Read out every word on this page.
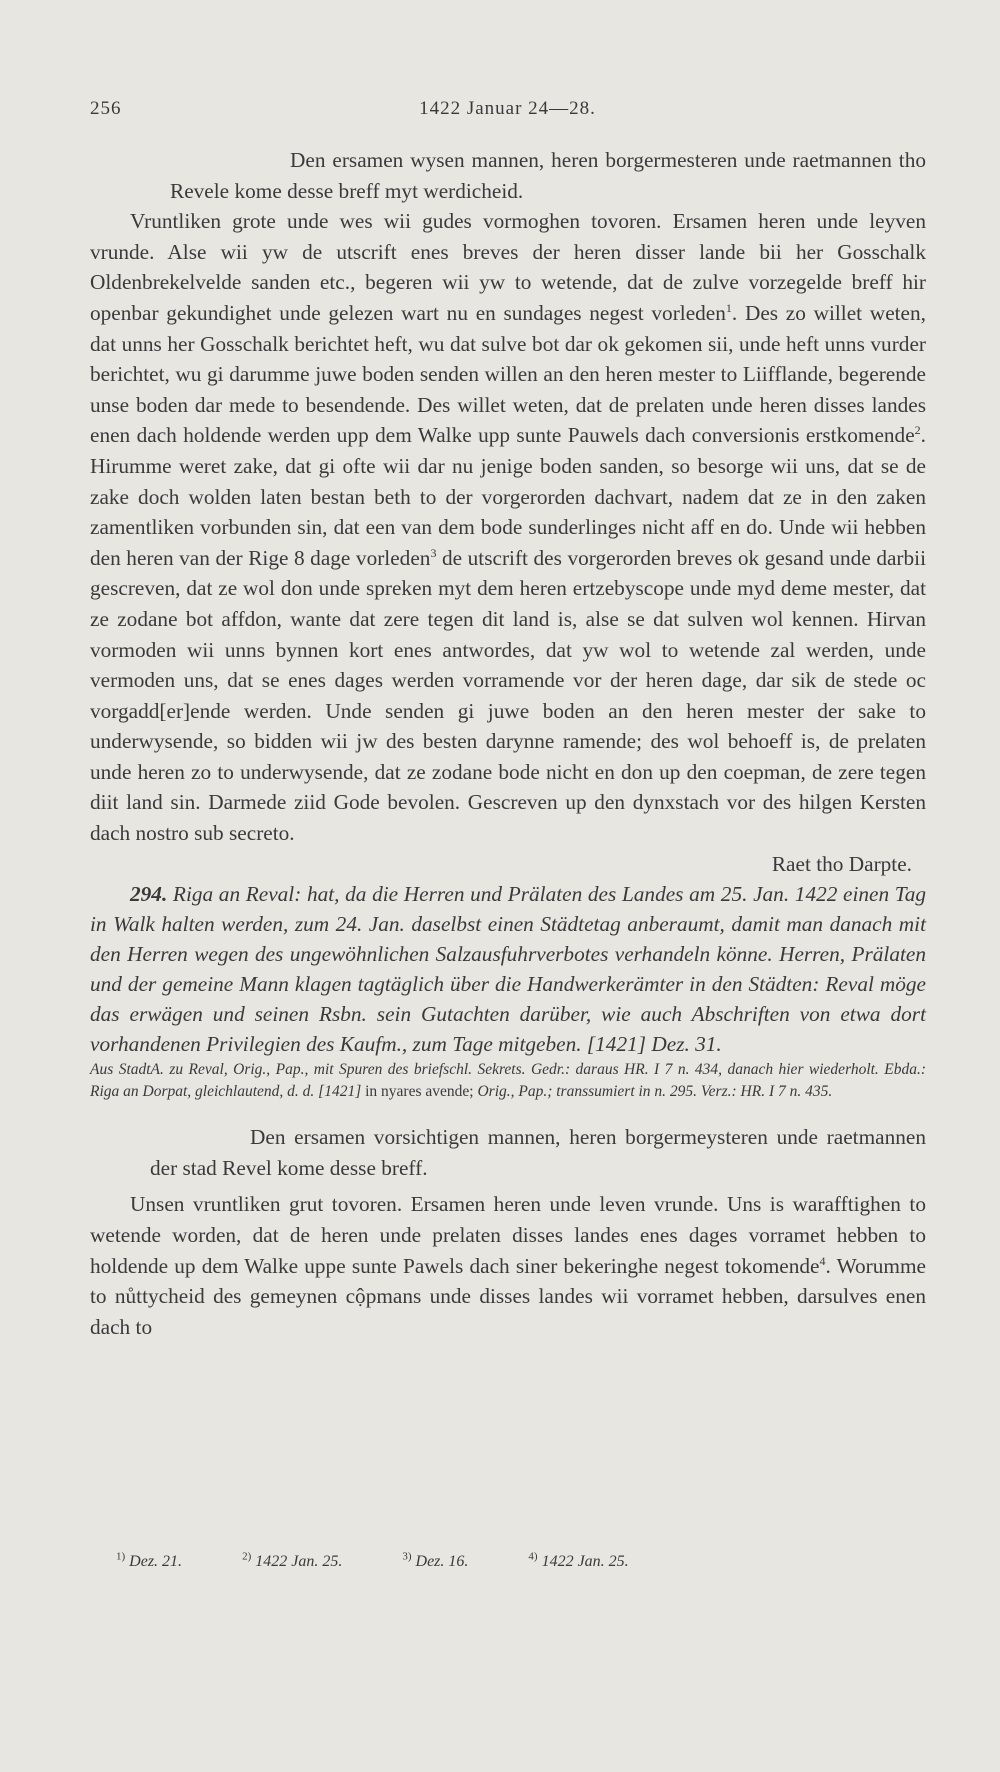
256	1422 Januar 24—28.

Den ersamen wysen mannen, heren borgermesteren unde raetmannen tho Revele kome desse breff myt werdicheid.

Vruntliken grote unde wes wii gudes vormoghen tovoren. Ersamen heren unde leyven vrunde. Alse wii yw de utscrift enes breves der heren disser lande bii her Gosschalk Oldenbrekelvelde sanden etc., begeren wii yw to wetende, dat de zulve vorzegelde breff hir openbar gekundighet unde gelezen wart nu en sundages negest vorleden$^1$. Des zo willet weten, dat unns her Gosschalk berichtet heft, wu dat sulve bot dar ok gekomen sii, unde heft unns vurder berichtet, wu gi darumme juwe boden senden willen an den heren mester to Liifflande, begerende unse boden dar mede to besendende. Des willet weten, dat de prelaten unde heren disses landes enen dach holdende werden upp dem Walke upp sunte Pauwels dach conversionis erstkomende$^2$. Hirumme weret zake, dat gi ofte wii dar nu jenige boden sanden, so besorge wii uns, dat se de zake doch wolden laten bestan beth to der vorgerorden dachvart, nadem dat ze in den zaken zamentliken vorbunden sin, dat een van dem bode sunderlinges nicht aff en do. Unde wii hebben den heren van der Rige 8 dage vorleden$^3$ de utscrift des vorgerorden breves ok gesand unde darbii gescreven, dat ze wol don unde spreken myt dem heren ertzebyscope unde myd deme mester, dat ze zodane bot affdon, wante dat zere tegen dit land is, alse se dat sulven wol kennen. Hirvan vormoden wii unns bynnen kort enes antwordes, dat yw wol to wetende zal werden, unde vermoden uns, dat se enes dages werden vorramende vor der heren dage, dar sik de stede oc vorgadd[er]ende werden. Unde senden gi juwe boden an den heren mester der sake to underwysende, so bidden wii jw des besten darynne ramende; des wol behoeff is, de prelaten unde heren zo to underwysende, dat ze zodane bode nicht en don up den coepman, de zere tegen diit land sin. Darmede ziid Gode bevolen. Gescreven up den dynxstach vor des hilgen Kersten dach nostro sub secreto.

Raet tho Darpte.

294. Riga an Reval: hat, da die Herren und Prälaten des Landes am 25. Jan. 1422 einen Tag in Walk halten werden, zum 24. Jan. daselbst einen Städtetag anberaumt, damit man danach mit den Herren wegen des ungewöhnlichen Salzausfuhrverbotes verhandeln könne. Herren, Prälaten und der gemeine Mann klagen tagtäglich über die Handwerkerämter in den Städten: Reval möge das erwägen und seinen Rsbn. sein Gutachten darüber, wie auch Abschriften von etwa dort vorhandenen Privilegien des Kaufm., zum Tage mitgeben. [1421] Dez. 31.

Aus StadtA. zu Reval, Orig., Pap., mit Spuren des briefschl. Sekrets. Gedr.: daraus HR. I 7 n. 434, danach hier wiederholt. Ebda.: Riga an Dorpat, gleichlautend, d. d. [1421] in nyares avende; Orig., Pap.; transsumiert in n. 295. Verz.: HR. I 7 n. 435.

Den ersamen vorsichtigen mannen, heren borgermeysteren unde raetmannen der stad Revel kome desse breff.

Unsen vruntliken grut tovoren. Ersamen heren unde leven vrunde. Uns is warafftighen to wetende worden, dat de heren unde prelaten disses landes enes dages vorramet hebben to holdende up dem Walke uppe sunte Pawels dach siner bekeringhe negest tokomende$^4$. Worumme to nůttycheid des gemeynen cộpmans unde disses landes wii vorramet hebben, darsulves enen dach to

$^{1)}$ Dez. 21.	$^{2)}$ 1422 Jan. 25.	$^{3)}$ Dez. 16.	$^{4)}$ 1422 Jan. 25.
